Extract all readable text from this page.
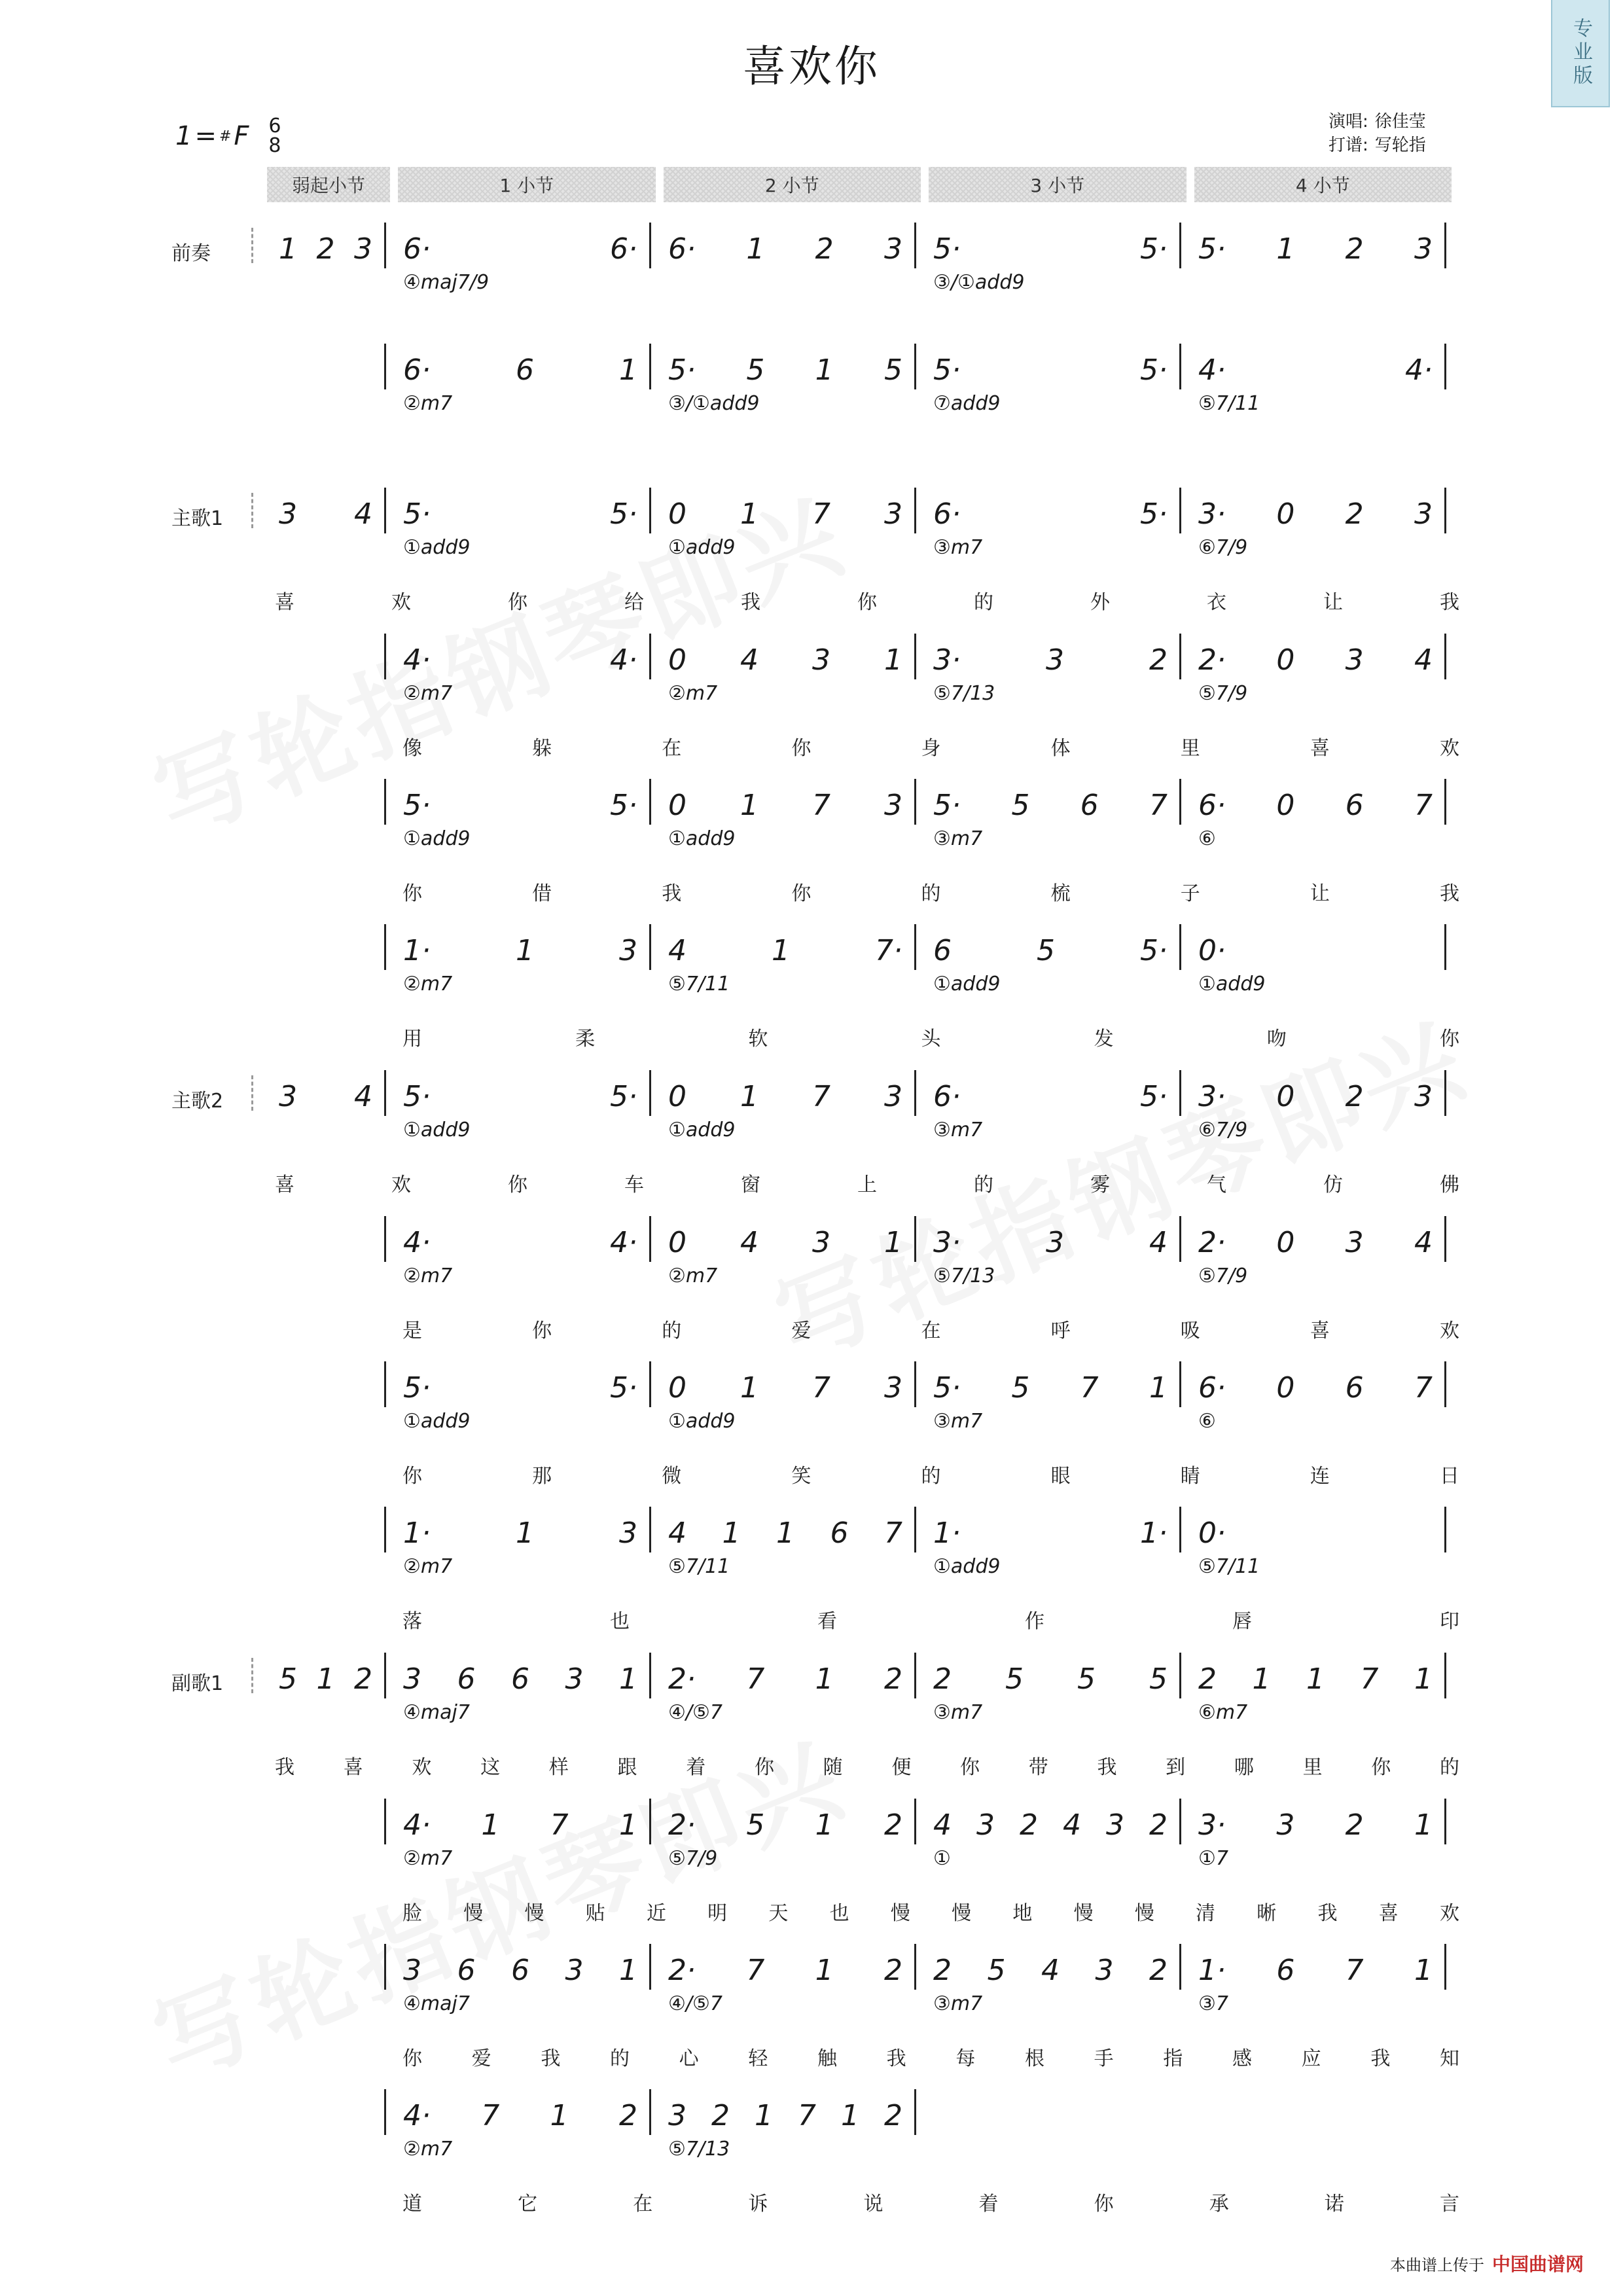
喜欢你	专业版
1 = # F 6
8
演唱: 徐佳莹
打谱: 写轮指
弱起小节	1 小节	2 小节	3 小节	4 小节
前奏
主歌1
主歌2
副歌1
1 2 3 6·	6· 6· 1 2 3 5·	5· 5· 1 2 3
④maj7/9	③/①add9
6·	6	1 5· 5 1 5 5·	5· 4·	4·
②m7	③/①add9	⑦add9	⑤7/11
3 4 5·	5· 0 1 7 3 6·	5· 3· 0 2 3
①add9	①add9	③m7	⑥7/9
喜	欢	你	给	我	你	的	外	衣	让	我
4·	4· 0 4 3 1 3·	3	2 2· 0 3 4
②m7	②m7	⑤7/13	⑤7/9
像	躲	在	你	身	体	里	喜	欢
5·	5· 0 1 7 3 5· 5 6 7 6· 0 6 7
①add9	①add9	③m7	⑥
你	借	我	你	的	梳	子	让	我
1·	1	3 4	1	7· 6	5	5· 0·
②m7	⑤7/11	①add9	①add9
用	柔	软	头	发	吻	你
3 4 5·	5· 0 1 7 3 6·	5· 3· 0 2 3
①add9	①add9	③m7	⑥7/9
喜	欢	你	车	窗	上	的	雾	气	仿	佛
4·	4· 0 4 3 1 3·	3	4 2· 0 3 4
②m7	②m7	⑤7/13	⑤7/9
是	你	的	爱	在	呼	吸	喜	欢
5·	5· 0 1 7 3 5· 5 7 1 6· 0 6 7
①add9	①add9	③m7	⑥
你	那	微	笑	的	眼	睛	连	日
1·	1	3 4 1 1 6 7 1·	1· 0·
②m7	⑤7/11	①add9	⑤7/11
落	也	看	作	唇	印
5 1 2 3 6 6 3 1 2· 7 1 2 2 5 5 5 2 1 1 7 1
④maj7	④/⑤7	③m7	⑥m7
我 喜 欢 这 样 跟 着 你 随 便 你 带 我 到 哪 里 你 的
4· 1 7 1 2· 5 1 2 4 3 2 4 3 2 3· 3 2 1
②m7	⑤7/9	①	①7
脸 慢 慢 贴 近 明 天 也 慢 慢 地 慢 慢 清 晰 我 喜 欢
3 6 6 3 1 2· 7 1 2 2 5 4 3 2 1· 6 7 1
④maj7	④/⑤7	③m7	③7
你	爱	我	的	心	轻	触	我	每	根	手	指	感	应	我	知
4· 7 1 2 3 2 1 7 1 2
②m7	⑤7/13
道	它	在	诉	说	着	你	承	诺	言
本曲谱上传于 中国曲谱网
